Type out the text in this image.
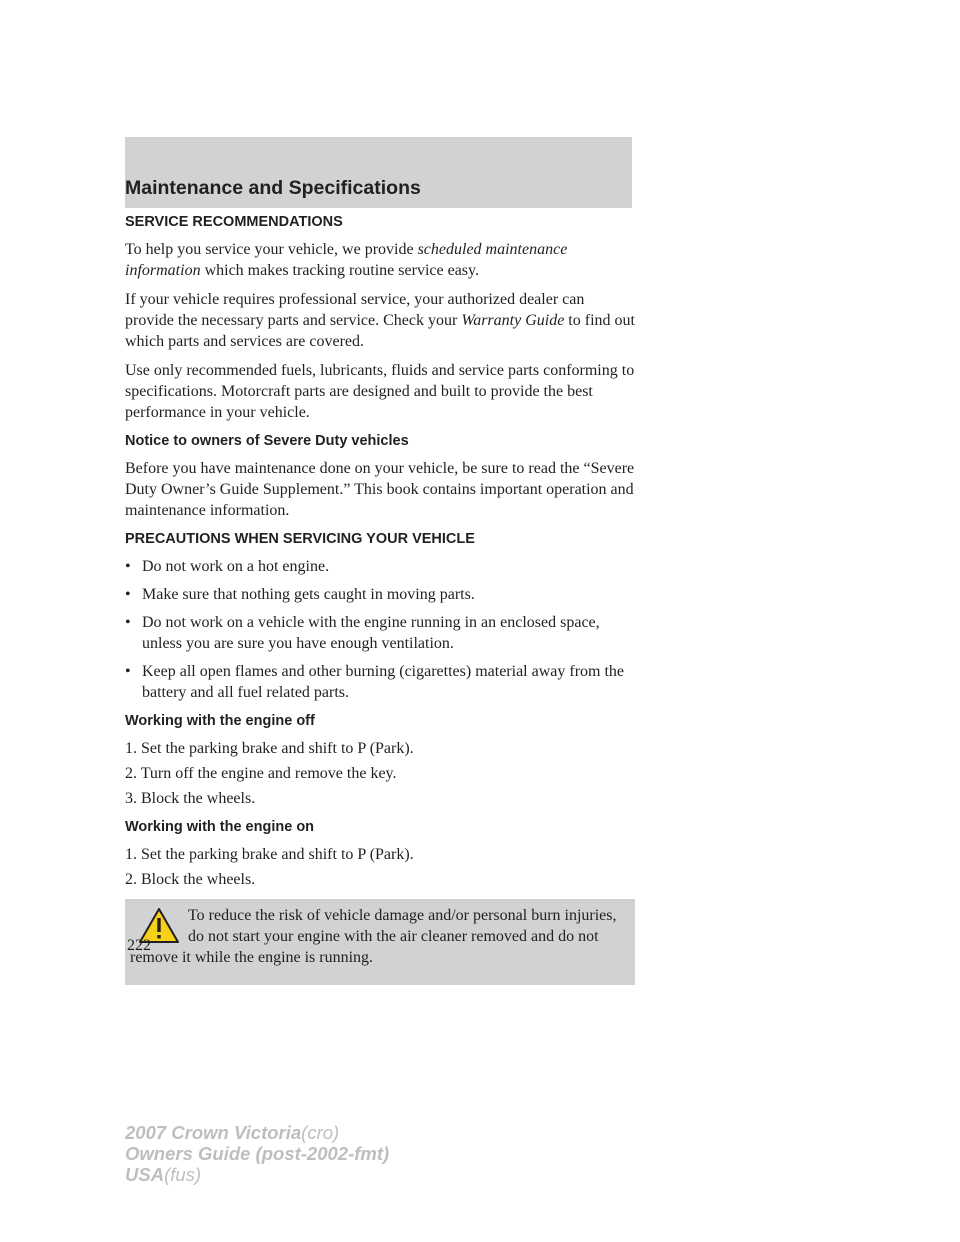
Maintenance and Specifications
SERVICE RECOMMENDATIONS

To help you service your vehicle, we provide scheduled maintenance information which makes tracking routine service easy.

If your vehicle requires professional service, your authorized dealer can provide the necessary parts and service. Check your Warranty Guide to find out which parts and services are covered.

Use only recommended fuels, lubricants, fluids and service parts conforming to specifications. Motorcraft parts are designed and built to provide the best performance in your vehicle.

Notice to owners of Severe Duty vehicles

Before you have maintenance done on your vehicle, be sure to read the “Severe Duty Owner’s Guide Supplement.” This book contains important operation and maintenance information.

PRECAUTIONS WHEN SERVICING YOUR VEHICLE
• Do not work on a hot engine.
• Make sure that nothing gets caught in moving parts.
• Do not work on a vehicle with the engine running in an enclosed space, unless you are sure you have enough ventilation.
• Keep all open flames and other burning (cigarettes) material away from the battery and all fuel related parts.
Working with the engine off
1. Set the parking brake and shift to P (Park).
2. Turn off the engine and remove the key.
3. Block the wheels.
Working with the engine on
1. Set the parking brake and shift to P (Park).
2. Block the wheels.

To reduce the risk of vehicle damage and/or personal burn injuries, do not start your engine with the air cleaner removed and do not remove it while the engine is running.

222
2007 Crown Victoria(cro)
Owners Guide (post-2002-fmt)
USA(fus)
